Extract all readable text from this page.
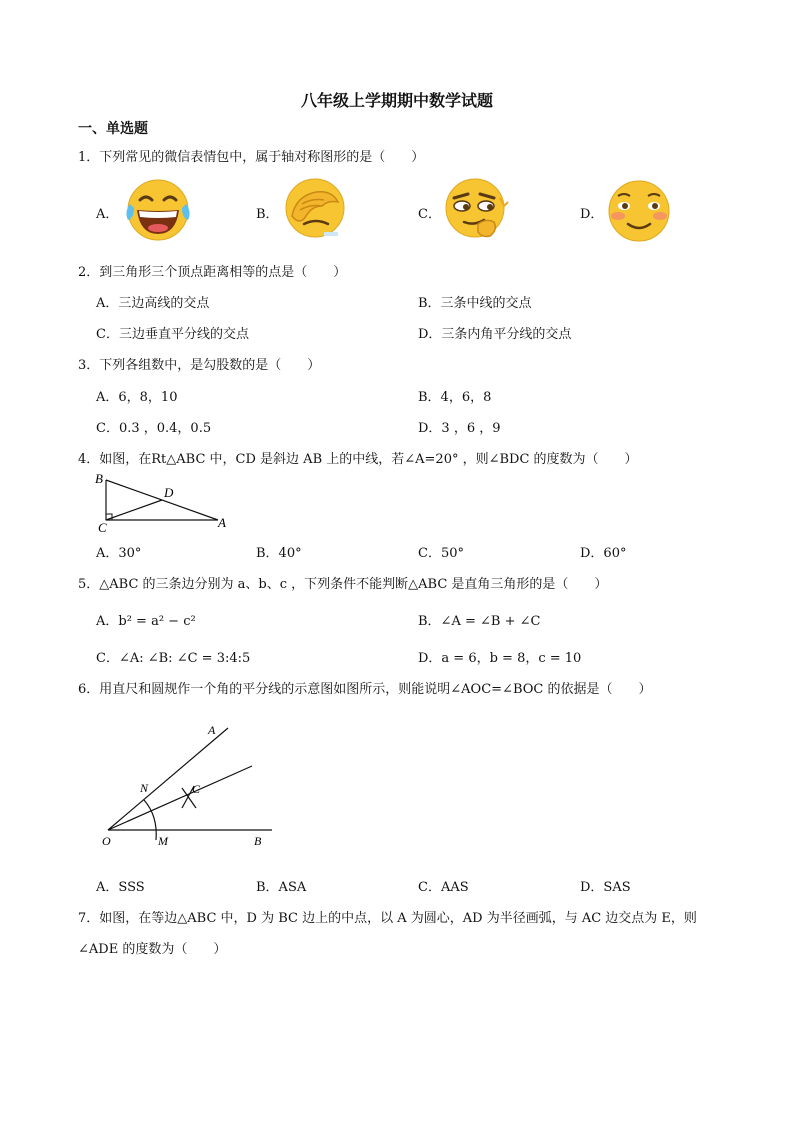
八年级上学期期中数学试题
一、单选题
1．下列常见的微信表情包中，属于轴对称图形的是（　　）
A．	B．	C．	D．
2．到三角形三个顶点距离相等的点是（　　）
A．三边高线的交点	B．三条中线的交点
C．三边垂直平分线的交点	D．三条内角平分线的交点
3．下列各组数中，是勾股数的是（　　）
A．6，8，10	B．4，6，8
C．0.3 ，0.4，0.5	D．3 ，6 ，9
4．如图，在Rt△ABC 中，CD 是斜边 AB 上的中线，若∠A=20° ，则∠BDC 的度数为（　　）
B
D
C	A
A．30°	B．40°	C．50°	D．60°
5．△ABC 的三条边分别为 a、b、c ，下列条件不能判断△ABC 是直角三角形的是（　　）
A．b² = a² − c²	B．∠A = ∠B + ∠C
C．∠A: ∠B: ∠C = 3:4:5	D．a = 6，b = 8，c = 10
6．用直尺和圆规作一个角的平分线的示意图如图所示，则能说明∠AOC=∠BOC 的依据是（　　）
A
N	C
O	M	B
A．SSS	B．ASA	C．AAS	D．SAS
7．如图，在等边△ABC 中，D 为 BC 边上的中点，以 A 为圆心，AD 为半径画弧，与 AC 边交点为 E，则
∠ADE 的度数为（　　）
